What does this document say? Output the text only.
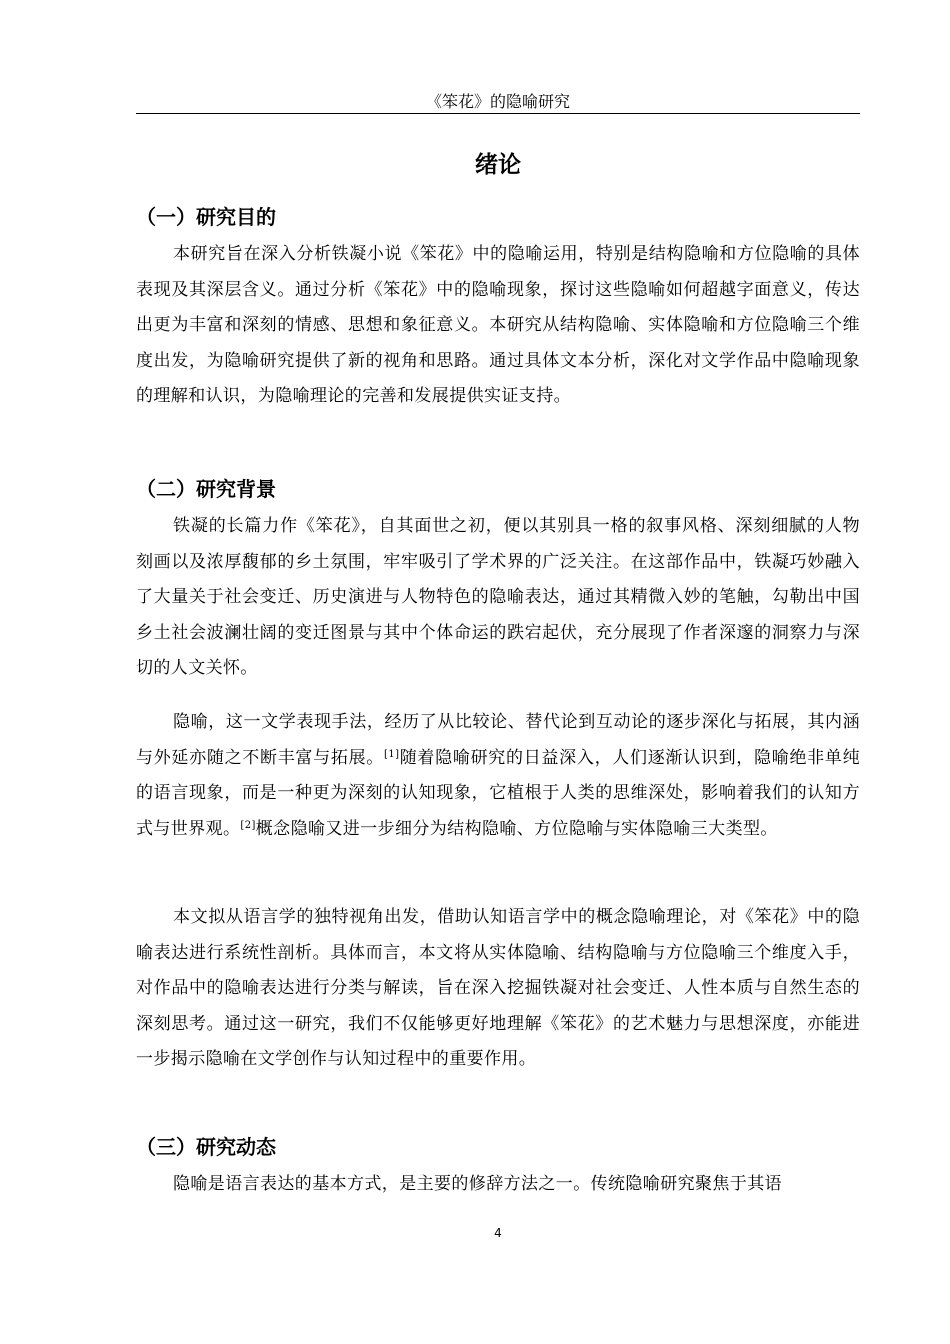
《笨花》的隐喻研究
绪论
（一）研究目的
本研究旨在深入分析铁凝小说《笨花》中的隐喻运用，特别是结构隐喻和方位隐喻的具体表现及其深层含义。通过分析《笨花》中的隐喻现象，探讨这些隐喻如何超越字面意义，传达出更为丰富和深刻的情感、思想和象征意义。本研究从结构隐喻、实体隐喻和方位隐喻三个维度出发，为隐喻研究提供了新的视角和思路。通过具体文本分析，深化对文学作品中隐喻现象的理解和认识，为隐喻理论的完善和发展提供实证支持。
（二）研究背景
铁凝的长篇力作《笨花》，自其面世之初，便以其别具一格的叙事风格、深刻细腻的人物刻画以及浓厚馥郁的乡土氛围，牢牢吸引了学术界的广泛关注。在这部作品中，铁凝巧妙融入了大量关于社会变迁、历史演进与人物特色的隐喻表达，通过其精微入妙的笔触，勾勒出中国乡土社会波澜壮阔的变迁图景与其中个体命运的跌宕起伏，充分展现了作者深邃的洞察力与深切的人文关怀。
隐喻，这一文学表现手法，经历了从比较论、替代论到互动论的逐步深化与拓展，其内涵与外延亦随之不断丰富与拓展。[1]随着隐喻研究的日益深入，人们逐渐认识到，隐喻绝非单纯的语言现象，而是一种更为深刻的认知现象，它植根于人类的思维深处，影响着我们的认知方式与世界观。[2]概念隐喻又进一步细分为结构隐喻、方位隐喻与实体隐喻三大类型。
本文拟从语言学的独特视角出发，借助认知语言学中的概念隐喻理论，对《笨花》中的隐喻表达进行系统性剖析。具体而言，本文将从实体隐喻、结构隐喻与方位隐喻三个维度入手，对作品中的隐喻表达进行分类与解读，旨在深入挖掘铁凝对社会变迁、人性本质与自然生态的深刻思考。通过这一研究，我们不仅能够更好地理解《笨花》的艺术魅力与思想深度，亦能进一步揭示隐喻在文学创作与认知过程中的重要作用。
（三）研究动态
隐喻是语言表达的基本方式，是主要的修辞方法之一。传统隐喻研究聚焦于其语
4
